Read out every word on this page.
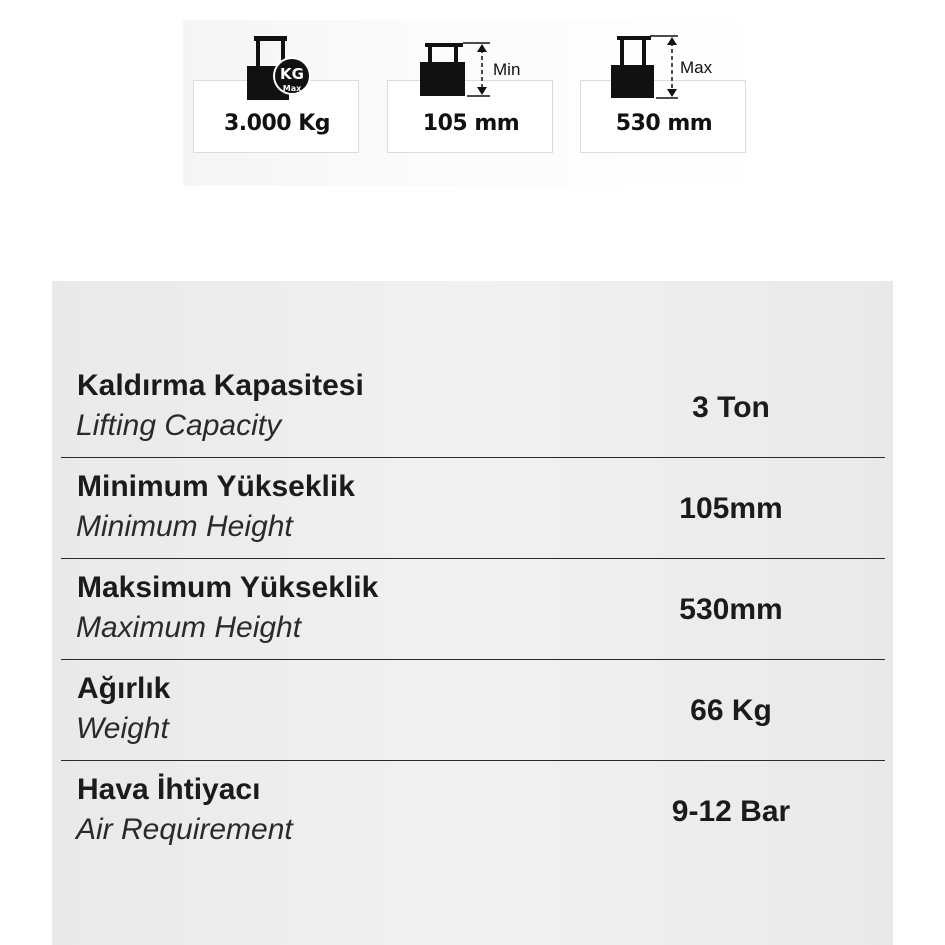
KG
Max
3.000 Kg
Min
105 mm
Max
530 mm
Kaldırma Kapasitesi
Lifting Capacity
3 Ton
Minimum Yükseklik
Minimum Height
105mm
Maksimum Yükseklik
Maximum Height
530mm
Ağırlık
Weight
66 Kg
Hava İhtiyacı
Air Requirement
9-12 Bar
